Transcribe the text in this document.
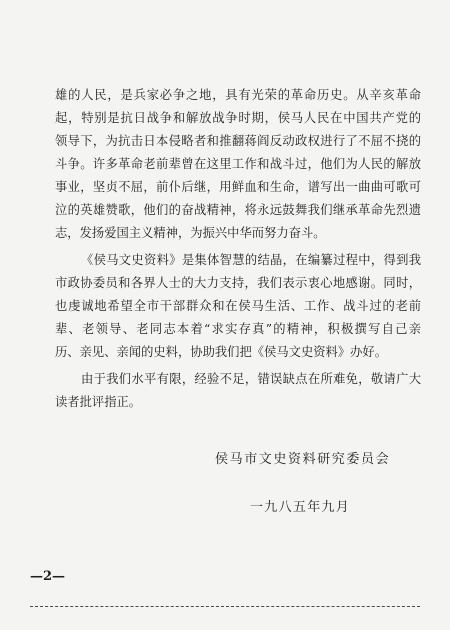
雄的人民，是兵家必争之地，具有光荣的革命历史。从辛亥革命
起，特别是抗日战争和解放战争时期，侯马人民在中国共产党的
领导下，为抗击日本侵略者和推翻蒋阎反动政权进行了不屈不挠的
斗争。许多革命老前辈曾在这里工作和战斗过，他们为人民的解放
事业，坚贞不屈，前仆后继，用鲜血和生命，谱写出一曲曲可歌可
泣的英雄赞歌，他们的奋战精神，将永远鼓舞我们继承革命先烈遗
志，发扬爱国主义精神，为振兴中华而努力奋斗。
《侯马文史资料》是集体智慧的结晶，在编纂过程中，得到我
市政协委员和各界人士的大力支持，我们表示衷心地感谢。同时，
也虔诚地希望全市干部群众和在侯马生活、工作、战斗过的老前
辈、老领导、老同志本着“求实存真”的精神，积极撰写自己亲
历、亲见、亲闻的史料，协助我们把《侯马文史资料》办好。
由于我们水平有限，经验不足，错误缺点在所难免，敬请广大
读者批评指正。
侯马市文史资料研究委员会
一九八五年九月
—2—
